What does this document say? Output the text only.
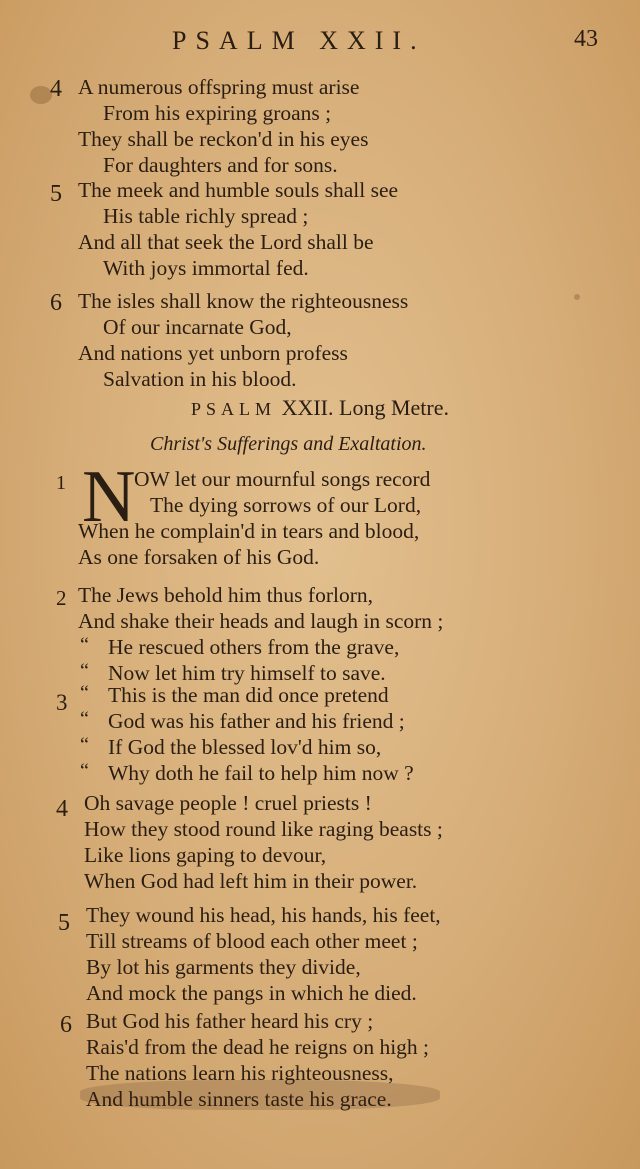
PSALM XXII.	43
4 A numerous offspring must arise
From his expiring groans ;
They shall be reckon'd in his eyes
For daughters and for sons.
5 The meek and humble souls shall see
His table richly spread ;
And all that seek the Lord shall be
With joys immortal fed.
6 The isles shall know the righteousness
Of our incarnate God,
And nations yet unborn profess
Salvation in his blood.
PSALM XXII. Long Metre.
Christ's Sufferings and Exaltation.
1	OW let our mournful songs record
The dying sorrows of our Lord,
When he complain'd in tears and blood,
As one forsaken of his God.
N
2 The Jews behold him thus forlorn,
And shake their heads and laugh in scorn ;
“ He rescued others from the grave,
“ Now let him try himself to save.
3 “ This is the man did once pretend
“ God was his father and his friend ;
“ If God the blessed lov'd him so,
“ Why doth he fail to help him now ?
4 Oh savage people ! cruel priests !
How they stood round like raging beasts ;
Like lions gaping to devour,
When God had left him in their power.
5 They wound his head, his hands, his feet,
Till streams of blood each other meet ;
By lot his garments they divide,
And mock the pangs in which he died.
6 But God his father heard his cry ;
Rais'd from the dead he reigns on high ;
The nations learn his righteousness,
And humble sinners taste his grace.
